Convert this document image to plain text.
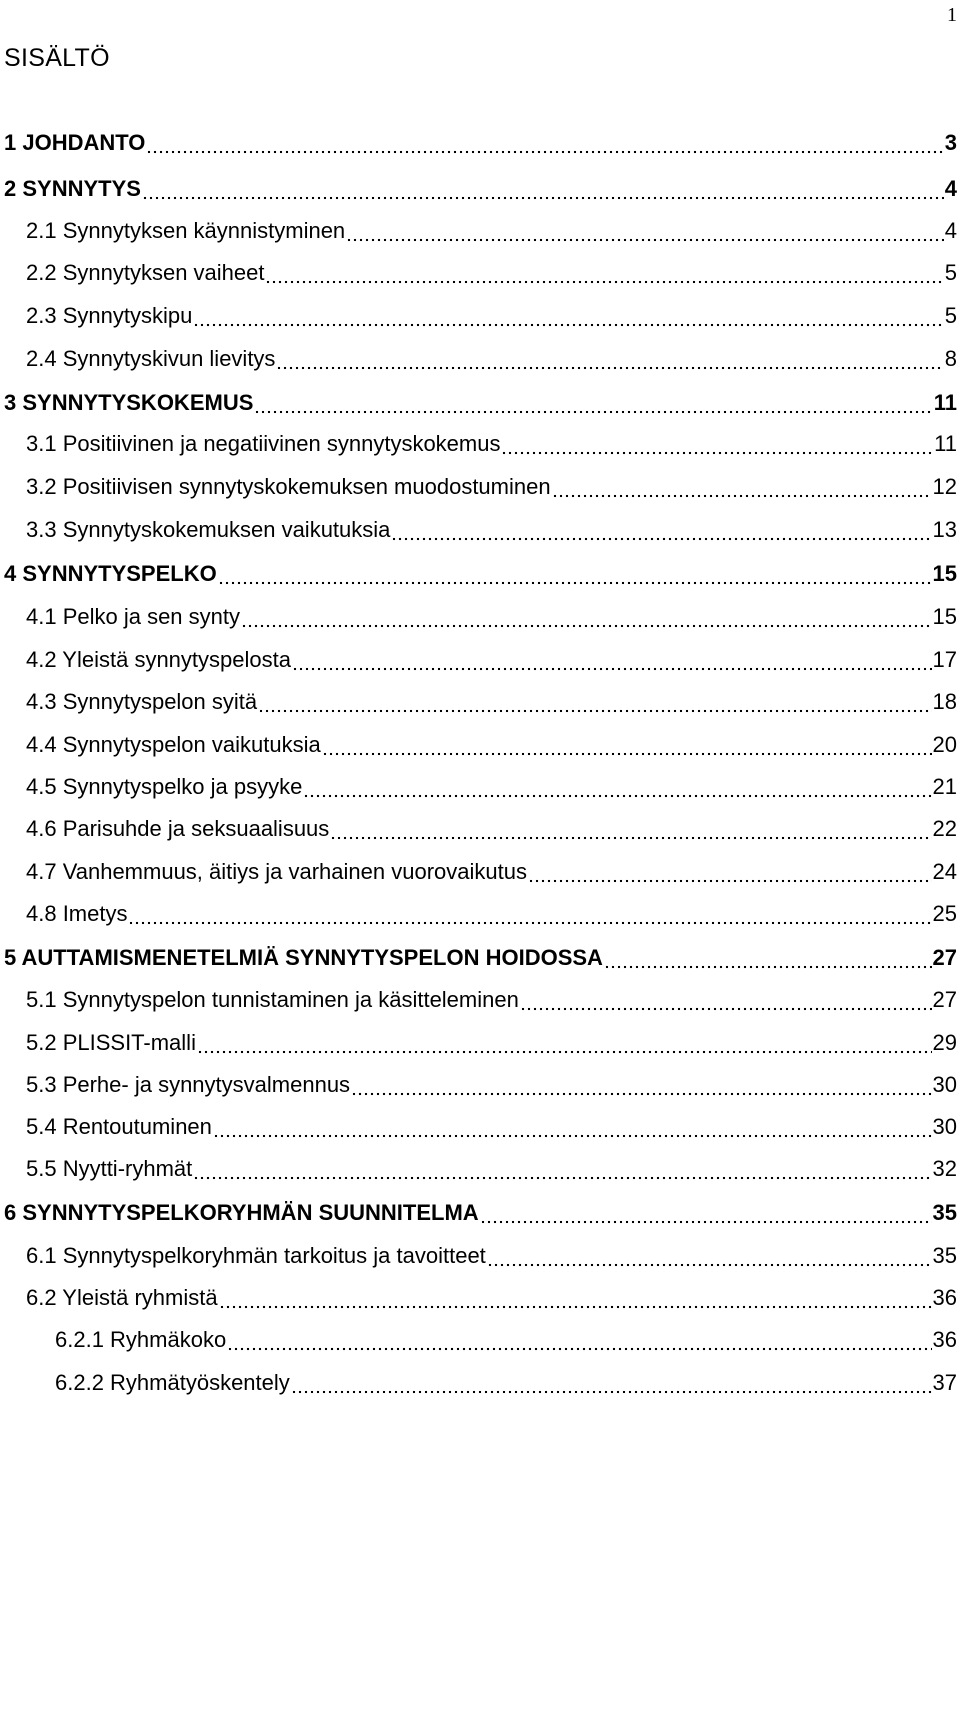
1
SISÄLTÖ
1 JOHDANTO	3
2 SYNNYTYS	4
2.1 Synnytyksen käynnistyminen	4
2.2 Synnytyksen vaiheet	5
2.3 Synnytyskipu	5
2.4 Synnytyskivun lievitys	8
3 SYNNYTYSKOKEMUS	11
3.1 Positiivinen ja negatiivinen synnytyskokemus	11
3.2 Positiivisen synnytyskokemuksen muodostuminen	12
3.3 Synnytyskokemuksen vaikutuksia	13
4 SYNNYTYSPELKO	15
4.1 Pelko ja sen synty	15
4.2 Yleistä synnytyspelosta	17
4.3 Synnytyspelon syitä	18
4.4 Synnytyspelon vaikutuksia	20
4.5 Synnytyspelko ja psyyke	21
4.6 Parisuhde ja seksuaalisuus	22
4.7 Vanhemmuus, äitiys ja varhainen vuorovaikutus	24
4.8 Imetys	25
5 AUTTAMISMENETELMIÄ SYNNYTYSPELON HOIDOSSA	27
5.1 Synnytyspelon tunnistaminen ja käsitteleminen	27
5.2 PLISSIT-malli	29
5.3 Perhe- ja synnytysvalmennus	30
5.4 Rentoutuminen	30
5.5 Nyytti-ryhmät	32
6 SYNNYTYSPELKORYHMÄN SUUNNITELMA	35
6.1 Synnytyspelkoryhmän tarkoitus ja tavoitteet	35
6.2 Yleistä ryhmistä	36
6.2.1 Ryhmäkoko	36
6.2.2 Ryhmätyöskentely	37
